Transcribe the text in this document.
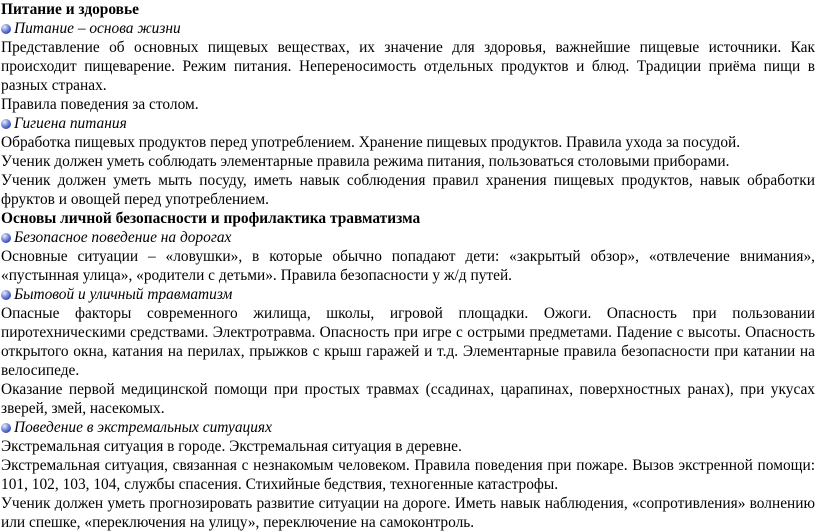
Питание и здоровье

Питание – основа жизни

Представление об основных пищевых веществах, их значение для здоровья, важнейшие пищевые источники. Как происходит пищеварение. Режим питания. Непереносимость отдельных продуктов и блюд. Традиции приёма пищи в разных странах.

Правила поведения за столом.

Гигиена питания

Обработка пищевых продуктов перед употреблением. Хранение пищевых продуктов. Правила ухода за посудой.

Ученик должен уметь соблюдать элементарные правила режима питания, пользоваться столовыми приборами.

Ученик должен уметь мыть посуду, иметь навык соблюдения правил хранения пищевых продуктов, навык обработки фруктов и овощей перед употреблением.

Основы личной безопасности и профилактика травматизма

Безопасное поведение на дорогах

Основные ситуации – «ловушки», в которые обычно попадают дети: «закрытый обзор», «отвлечение внимания», «пустынная улица», «родители с детьми». Правила безопасности у ж/д путей.

Бытовой и уличный травматизм

Опасные факторы современного жилища, школы, игровой площадки. Ожоги. Опасность при пользовании пиротехническими средствами. Электротравма. Опасность при игре с острыми предметами. Падение с высоты. Опасность открытого окна, катания на перилах, прыжков с крыш гаражей и т.д. Элементарные правила безопасности при катании на велосипеде.

Оказание первой медицинской помощи при простых травмах (ссадинах, царапинах, поверхностных ранах), при укусах зверей, змей, насекомых.

Поведение в экстремальных ситуациях

Экстремальная ситуация в городе. Экстремальная ситуация в деревне.

Экстремальная ситуация, связанная с незнакомым человеком. Правила поведения при пожаре. Вызов экстренной помощи: 101, 102, 103, 104, службы спасения. Стихийные бедствия, техногенные катастрофы.

Ученик должен уметь прогнозировать развитие ситуации на дороге. Иметь навык наблюдения, «сопротивления» волнению или спешке, «переключения на улицу», переключение на самоконтроль.
